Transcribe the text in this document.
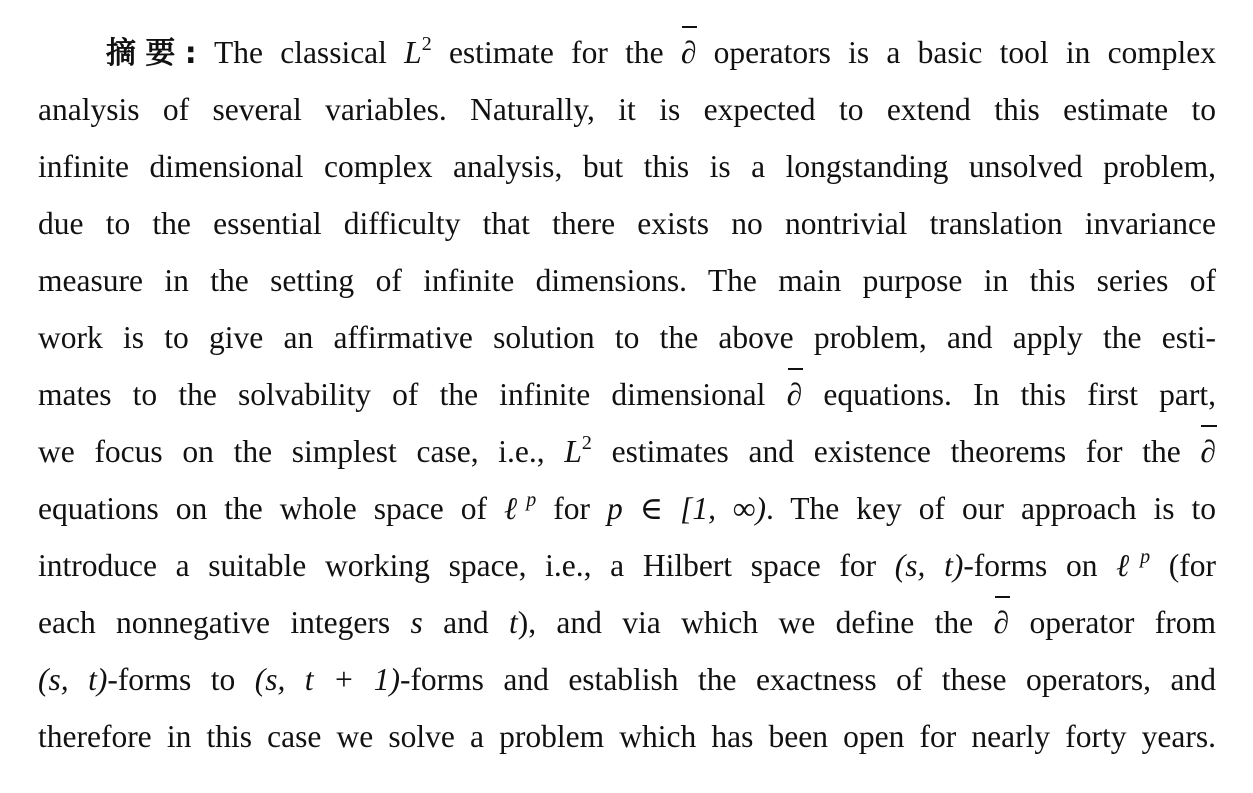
摘要: The classical $L^2$ estimate for the ∂ operators is a basic tool in complex
analysis of several variables. Naturally, it is expected to extend this estimate to
infinite dimensional complex analysis, but this is a longstanding unsolved problem,
due to the essential difficulty that there exists no nontrivial translation invariance
measure in the setting of infinite dimensions. The main purpose in this series of
work is to give an affirmative solution to the above problem, and apply the esti-
mates to the solvability of the infinite dimensional ∂ equations. In this first part,
we focus on the simplest case, i.e., $L^2$ estimates and existence theorems for the ∂
equations on the whole space of ℓ$^p$ for p ∈ [1, ∞). The key of our approach is to
introduce a suitable working space, i.e., a Hilbert space for (s, t)-forms on ℓ$^p$ (for
each nonnegative integers s and t), and via which we define the ∂ operator from
(s, t)-forms to (s, t + 1)-forms and establish the exactness of these operators, and
therefore in this case we solve a problem which has been open for nearly forty years.
